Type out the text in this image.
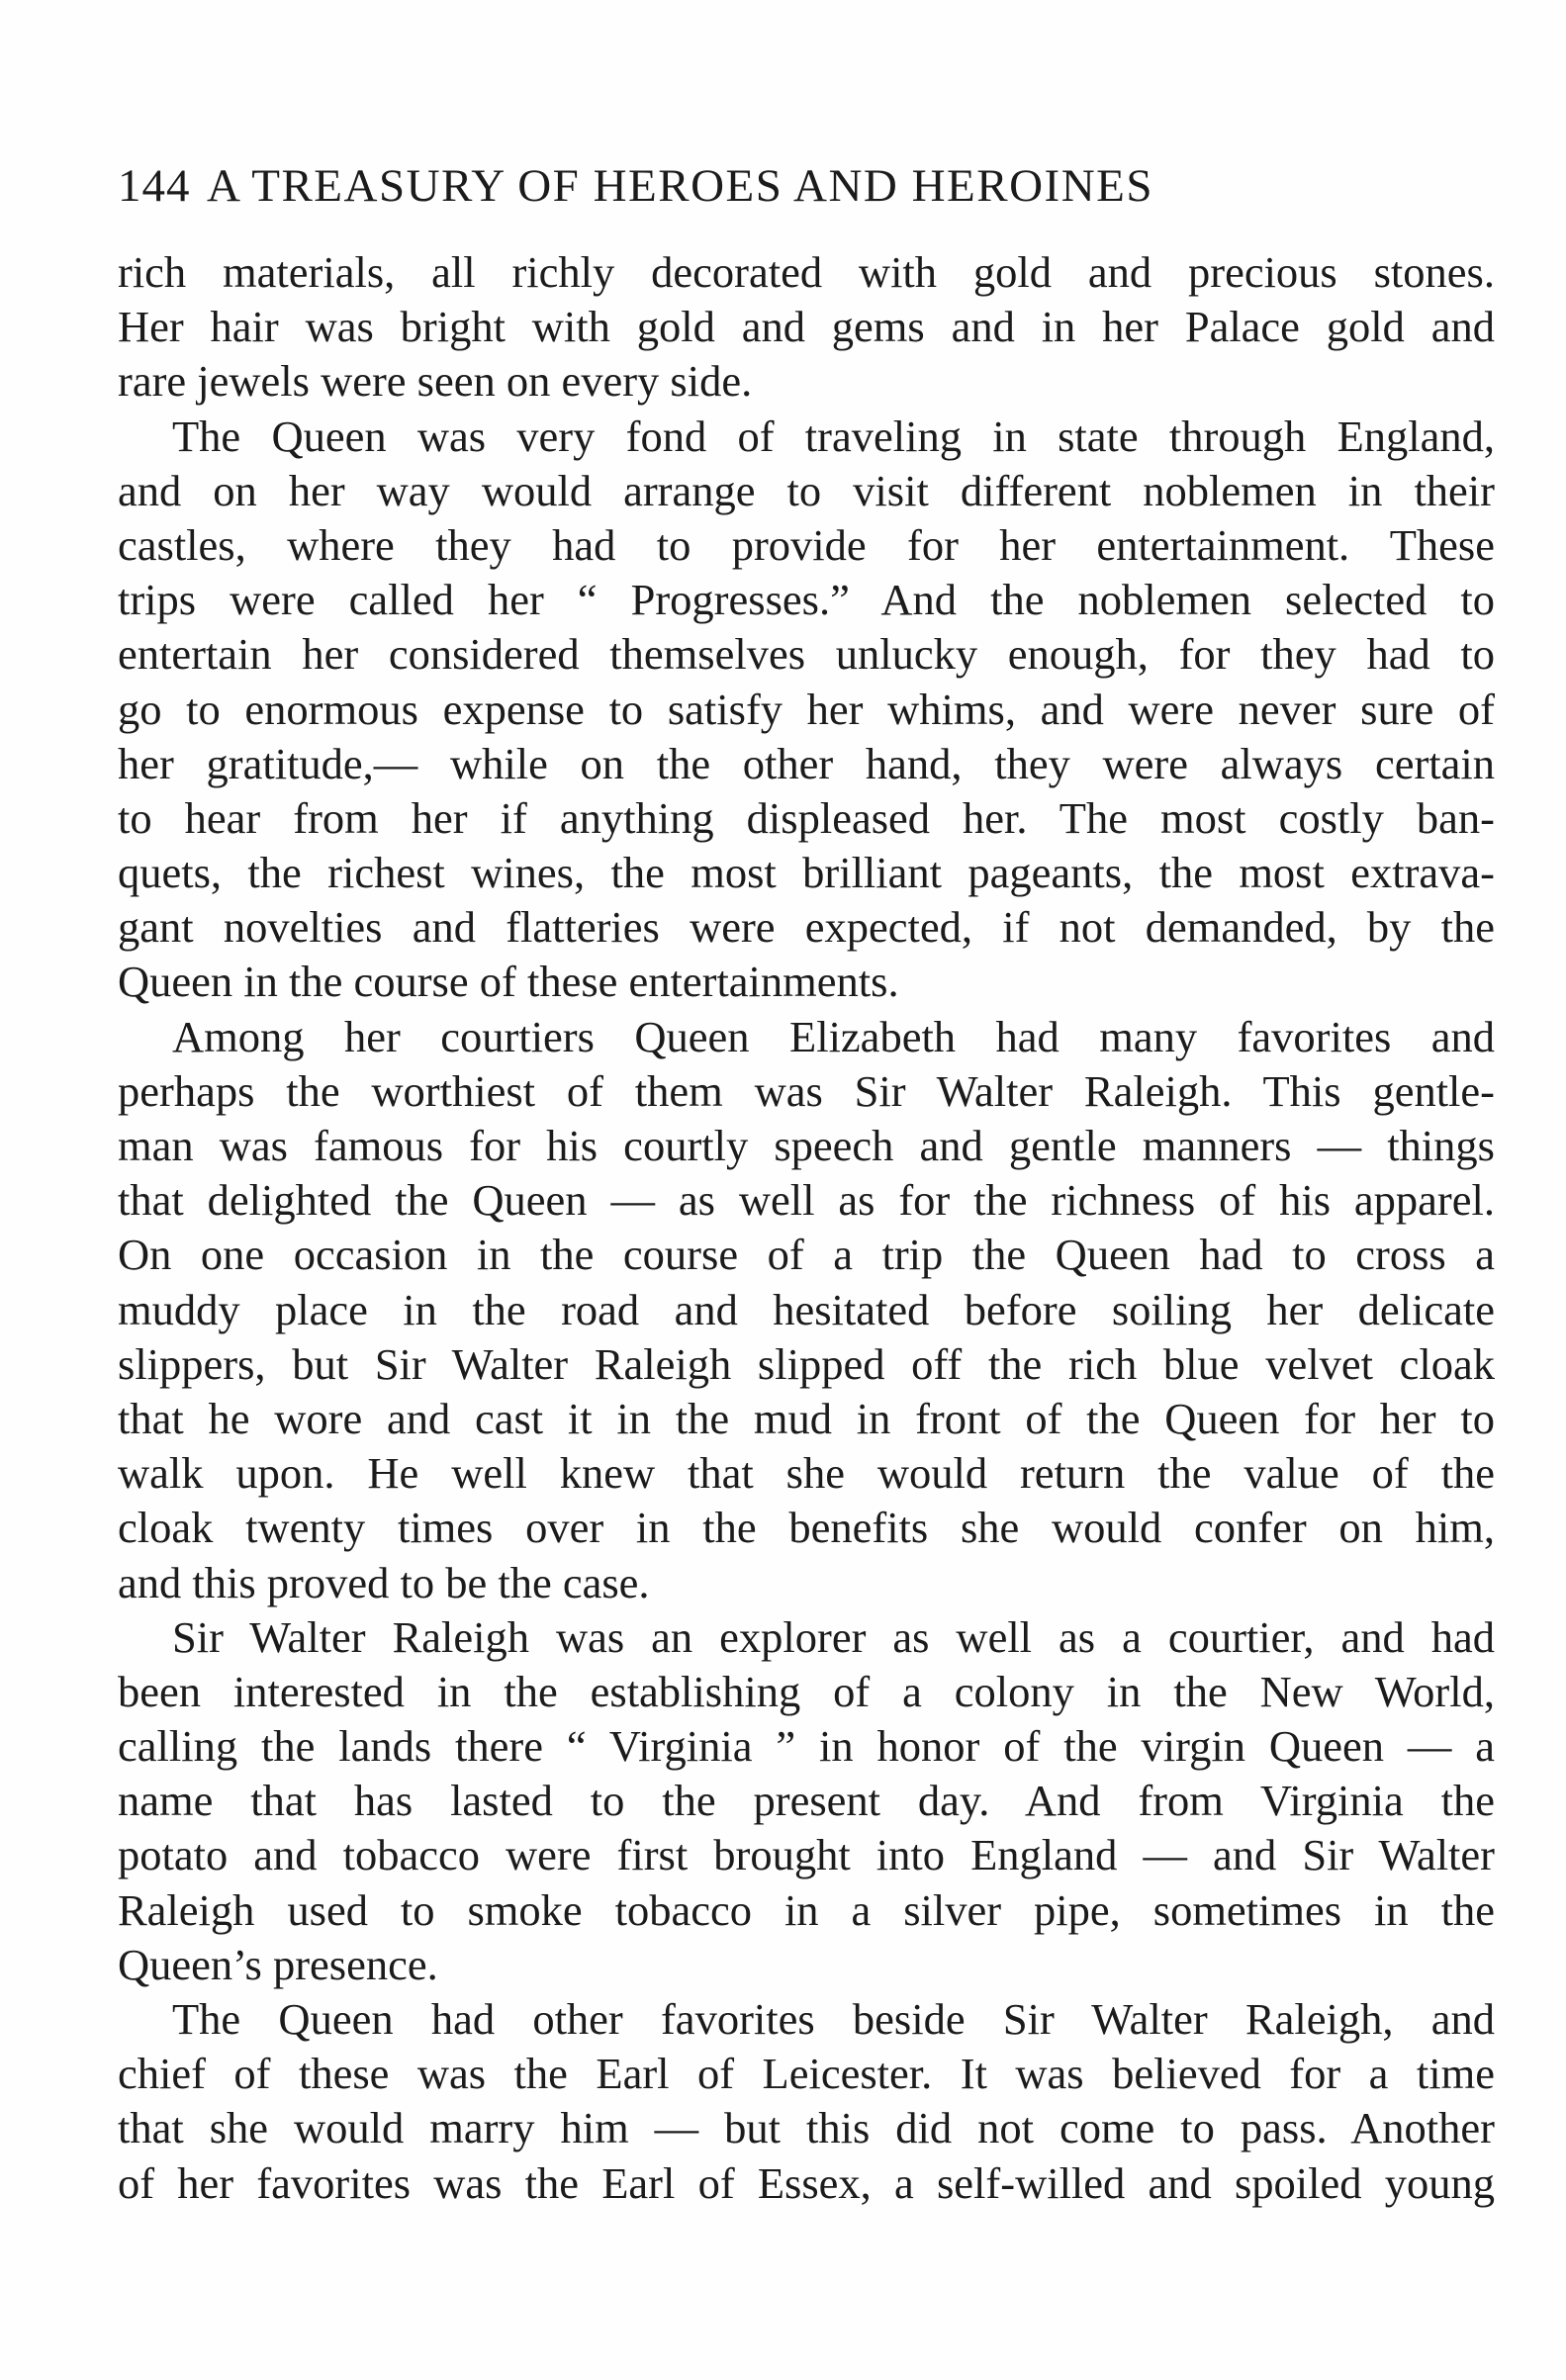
144 A TREASURY OF HEROES AND HEROINES
rich materials, all richly decorated with gold and precious stones.
Her hair was bright with gold and gems and in her Palace gold and
rare jewels were seen on every side.
The Queen was very fond of traveling in state through England,
and on her way would arrange to visit different noblemen in their
castles, where they had to provide for her entertainment. These
trips were called her “ Progresses.” And the noblemen selected to
entertain her considered themselves unlucky enough, for they had to
go to enormous expense to satisfy her whims, and were never sure of
her gratitude,— while on the other hand, they were always certain
to hear from her if anything displeased her. The most costly ban-
quets, the richest wines, the most brilliant pageants, the most extrava-
gant novelties and flatteries were expected, if not demanded, by the
Queen in the course of these entertainments.
Among her courtiers Queen Elizabeth had many favorites and
perhaps the worthiest of them was Sir Walter Raleigh. This gentle-
man was famous for his courtly speech and gentle manners — things
that delighted the Queen — as well as for the richness of his apparel.
On one occasion in the course of a trip the Queen had to cross a
muddy place in the road and hesitated before soiling her delicate
slippers, but Sir Walter Raleigh slipped off the rich blue velvet cloak
that he wore and cast it in the mud in front of the Queen for her to
walk upon. He well knew that she would return the value of the
cloak twenty times over in the benefits she would confer on him,
and this proved to be the case.
Sir Walter Raleigh was an explorer as well as a courtier, and had
been interested in the establishing of a colony in the New World,
calling the lands there “ Virginia ” in honor of the virgin Queen — a
name that has lasted to the present day. And from Virginia the
potato and tobacco were first brought into England — and Sir Walter
Raleigh used to smoke tobacco in a silver pipe, sometimes in the
Queen’s presence.
The Queen had other favorites beside Sir Walter Raleigh, and
chief of these was the Earl of Leicester. It was believed for a time
that she would marry him — but this did not come to pass. Another
of her favorites was the Earl of Essex, a self-willed and spoiled young
